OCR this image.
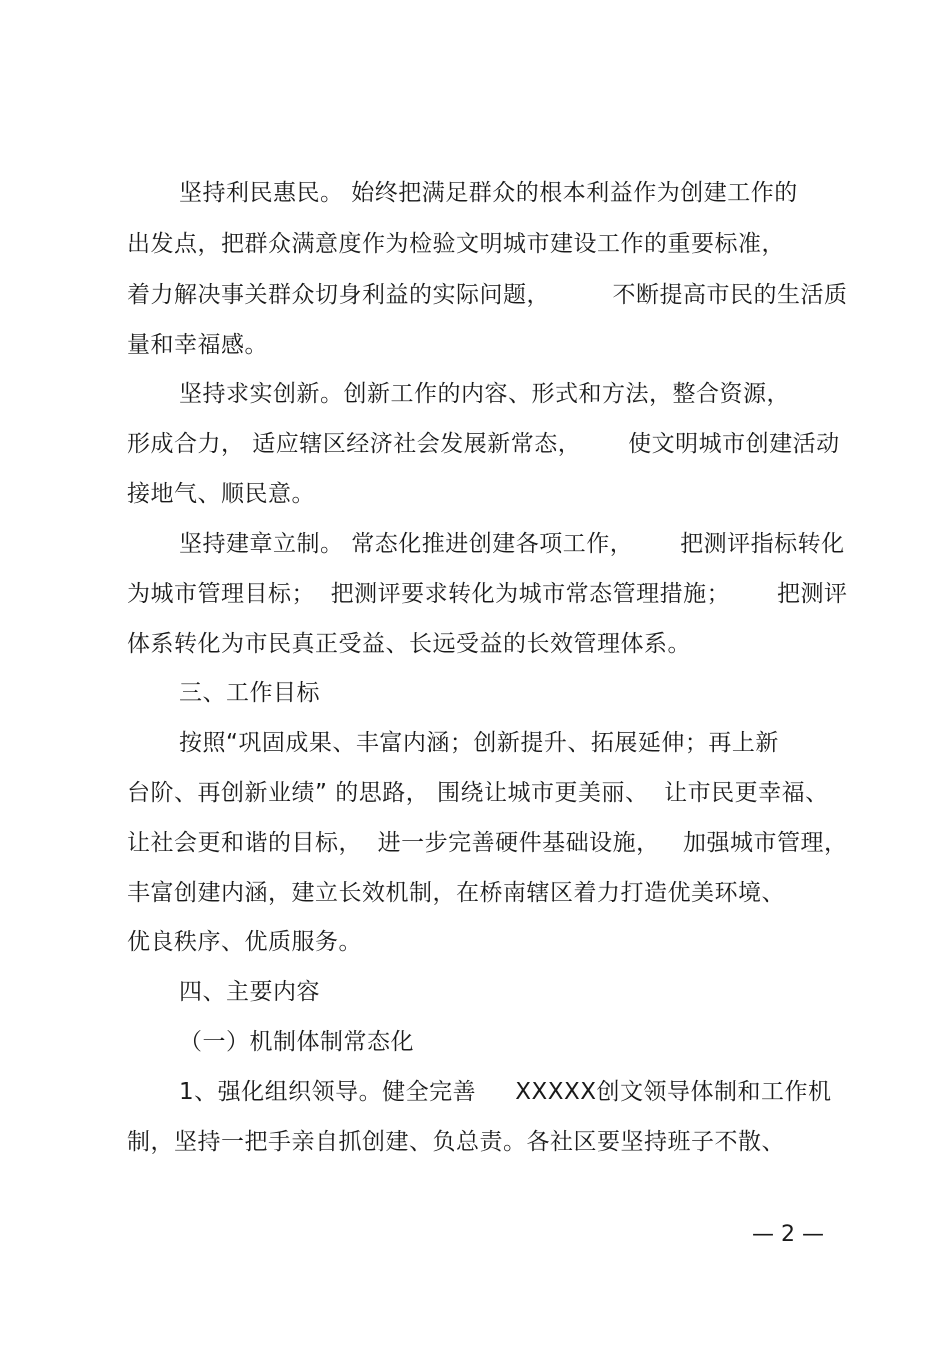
坚持利民惠民。 始终把满足群众的根本利益作为创建工作的
出发点，把群众满意度作为检验文明城市建设工作的重要标准，
着力解决事关群众切身利益的实际问题，        不断提高市民的生活质
量和幸福感。
坚持求实创新。创新工作的内容、形式和方法，整合资源，
形成合力， 适应辖区经济社会发展新常态，      使文明城市创建活动
接地气、顺民意。
坚持建章立制。 常态化推进创建各项工作，      把测评指标转化
为城市管理目标；  把测评要求转化为城市常态管理措施；      把测评
体系转化为市民真正受益、长远受益的长效管理体系。
三、工作目标
按照“巩固成果、丰富内涵；创新提升、拓展延伸；再上新
台阶、再创新业绩” 的思路， 围绕让城市更美丽、  让市民更幸福、
让社会更和谐的目标，  进一步完善硬件基础设施，   加强城市管理，
丰富创建内涵，建立长效机制，在桥南辖区着力打造优美环境、
优良秩序、优质服务。
四、主要内容
（一）机制体制常态化
1、强化组织领导。健全完善     XXXXX创文领导体制和工作机
制，坚持一把手亲自抓创建、负总责。各社区要坚持班子不散、
— 2 —
